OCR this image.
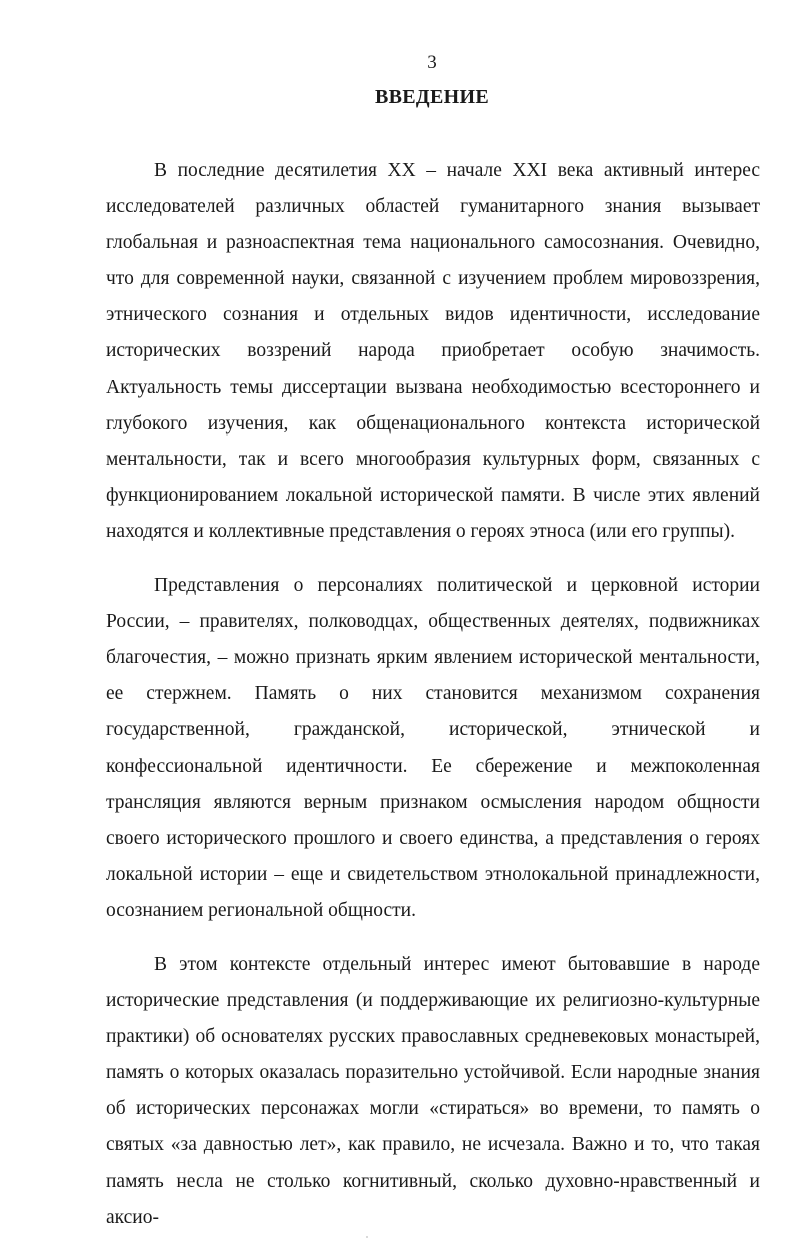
3
ВВЕДЕНИЕ

В последние десятилетия XX – начале XXI века активный интерес исследователей различных областей гуманитарного знания вызывает глобальная и разноаспектная тема национального самосознания. Очевидно, что для современной науки, связанной с изучением проблем мировоззрения, этнического сознания и отдельных видов идентичности, исследование исторических воззрений народа приобретает особую значимость. Актуальность темы диссертации вызвана необходимостью всестороннего и глубокого изучения, как общенационального контекста исторической ментальности, так и всего многообразия культурных форм, связанных с функционированием локальной исторической памяти. В числе этих явлений находятся и коллективные представления о героях этноса (или его группы).

Представления о персоналиях политической и церковной истории России, – правителях, полководцах, общественных деятелях, подвижниках благочестия, – можно признать ярким явлением исторической ментальности, ее стержнем. Память о них становится механизмом сохранения государственной, гражданской, исторической, этнической и конфессиональной идентичности. Ее сбережение и межпоколенная трансляция являются верным признаком осмысления народом общности своего исторического прошлого и своего единства, а представления о героях локальной истории – еще и свидетельством этнолокальной принадлежности, осознанием региональной общности.

В этом контексте отдельный интерес имеют бытовавшие в народе исторические представления (и поддерживающие их религиозно-культурные практики) об основателях русских православных средневековых монастырей, память о которых оказалась поразительно устойчивой. Если народные знания об исторических персонажах могли «стираться» во времени, то память о святых «за давностью лет», как правило, не исчезала. Важно и то, что такая память несла не столько когнитивный, сколько духовно-нравственный и аксио-
